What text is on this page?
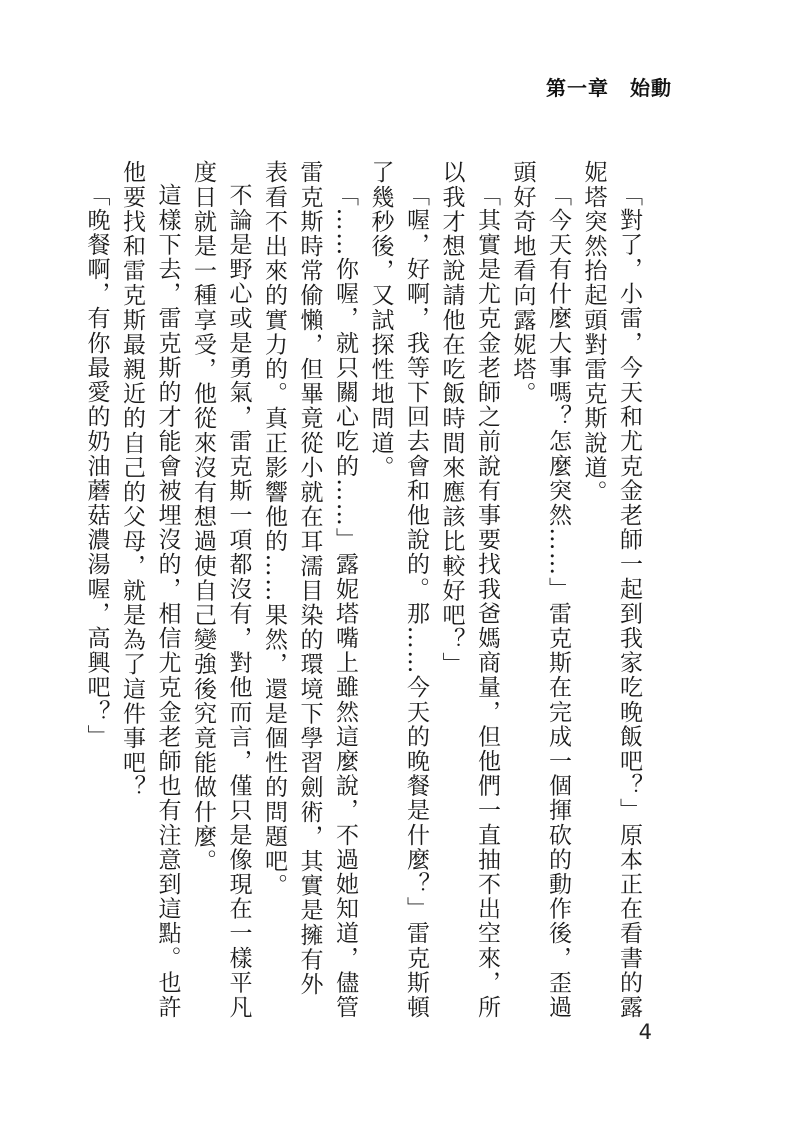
第一章　始動

「對了，小雷，今天和尤克金老師一起到我家吃晚飯吧？」原本正在看書的露妮塔突然抬起頭對雷克斯說道。

「今天有什麼大事嗎？怎麼突然……」雷克斯在完成一個揮砍的動作後，歪過頭好奇地看向露妮塔。

「其實是尤克金老師之前說有事要找我爸媽商量，但他們一直抽不出空來，所以我才想說請他在吃飯時間來應該比較好吧？」

「喔，好啊，我等下回去會和他說的。那……今天的晚餐是什麼？」雷克斯頓了幾秒後，又試探性地問道。

「……你喔，就只關心吃的……」露妮塔嘴上雖然這麼說，不過她知道，儘管雷克斯時常偷懶，但畢竟從小就在耳濡目染的環境下學習劍術，其實是擁有外表看不出來的實力的。真正影響他的……果然，還是個性的問題吧。

不論是野心或是勇氣，雷克斯一項都沒有，對他而言，僅只是像現在一樣平凡度日就是一種享受，他從來沒有想過使自己變強後究竟能做什麼。

這樣下去，雷克斯的才能會被埋沒的，相信尤克金老師也有注意到這點。也許他要找和雷克斯最親近的自己的父母，就是為了這件事吧？

「晚餐啊，有你最愛的奶油蘑菇濃湯喔，高興吧？」

4
